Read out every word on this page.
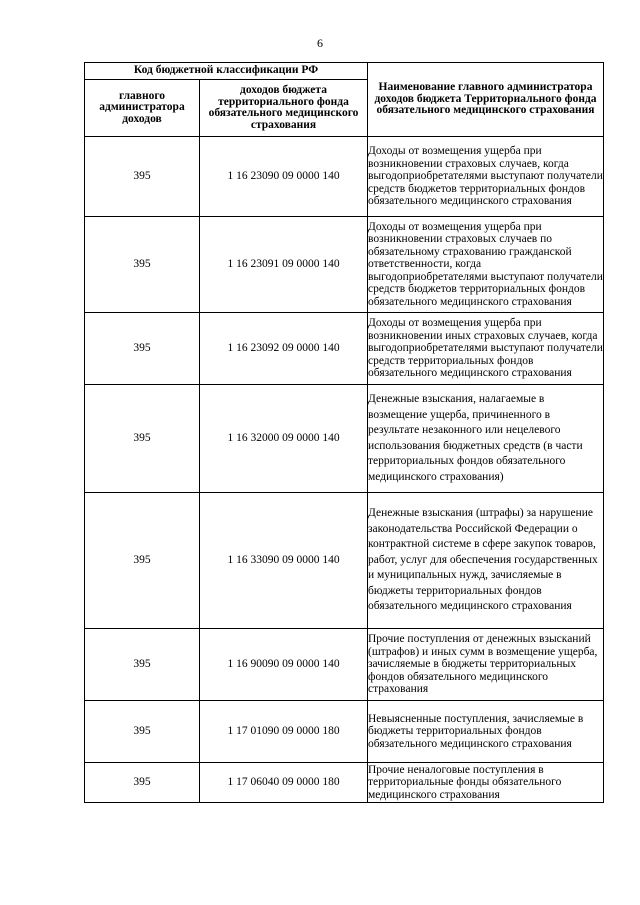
6
Код бюджетной классификации РФ		Наименование главного администратора доходов бюджета Территориального фонда обязательного медицинского страхования
главного администратора доходов	доходов бюджета территориального фонда обязательного медицинского страхования	
395	1 16 23090 09 0000 140	Доходы от возмещения ущерба при возникновении страховых случаев, когда выгодоприобретателями выступают получатели средств бюджетов территориальных фондов обязательного медицинского страхования
395	1 16 23091 09 0000 140	Доходы от возмещения ущерба при возникновении страховых случаев по обязательному страхованию гражданской ответственности, когда выгодоприобретателями выступают получатели средств бюджетов территориальных фондов обязательного медицинского страхования
395	1 16 23092 09 0000 140	Доходы от возмещения ущерба при возникновении иных страховых случаев, когда выгодоприобретателями выступают получатели средств территориальных фондов обязательного медицинского страхования
395	1 16 32000 09 0000 140	Денежные взыскания, налагаемые в возмещение ущерба, причиненного в результате незаконного или нецелевого использования бюджетных средств (в части территориальных фондов обязательного медицинского страхования)
395	1 16 33090 09 0000 140	Денежные взыскания (штрафы) за нарушение законодательства Российской Федерации о контрактной системе в сфере закупок товаров, работ, услуг для обеспечения государственных и муниципальных нужд, зачисляемые в бюджеты территориальных фондов обязательного медицинского страхования
395	1 16 90090 09 0000 140	Прочие поступления от денежных взысканий (штрафов) и иных сумм в возмещение ущерба, зачисляемые в бюджеты территориальных фондов обязательного медицинского страхования
395	1 17 01090 09 0000 180	Невыясненные поступления, зачисляемые в бюджеты территориальных фондов обязательного медицинского страхования
395	1 17 06040 09 0000 180	Прочие неналоговые поступления в территориальные фонды обязательного медицинского страхования
